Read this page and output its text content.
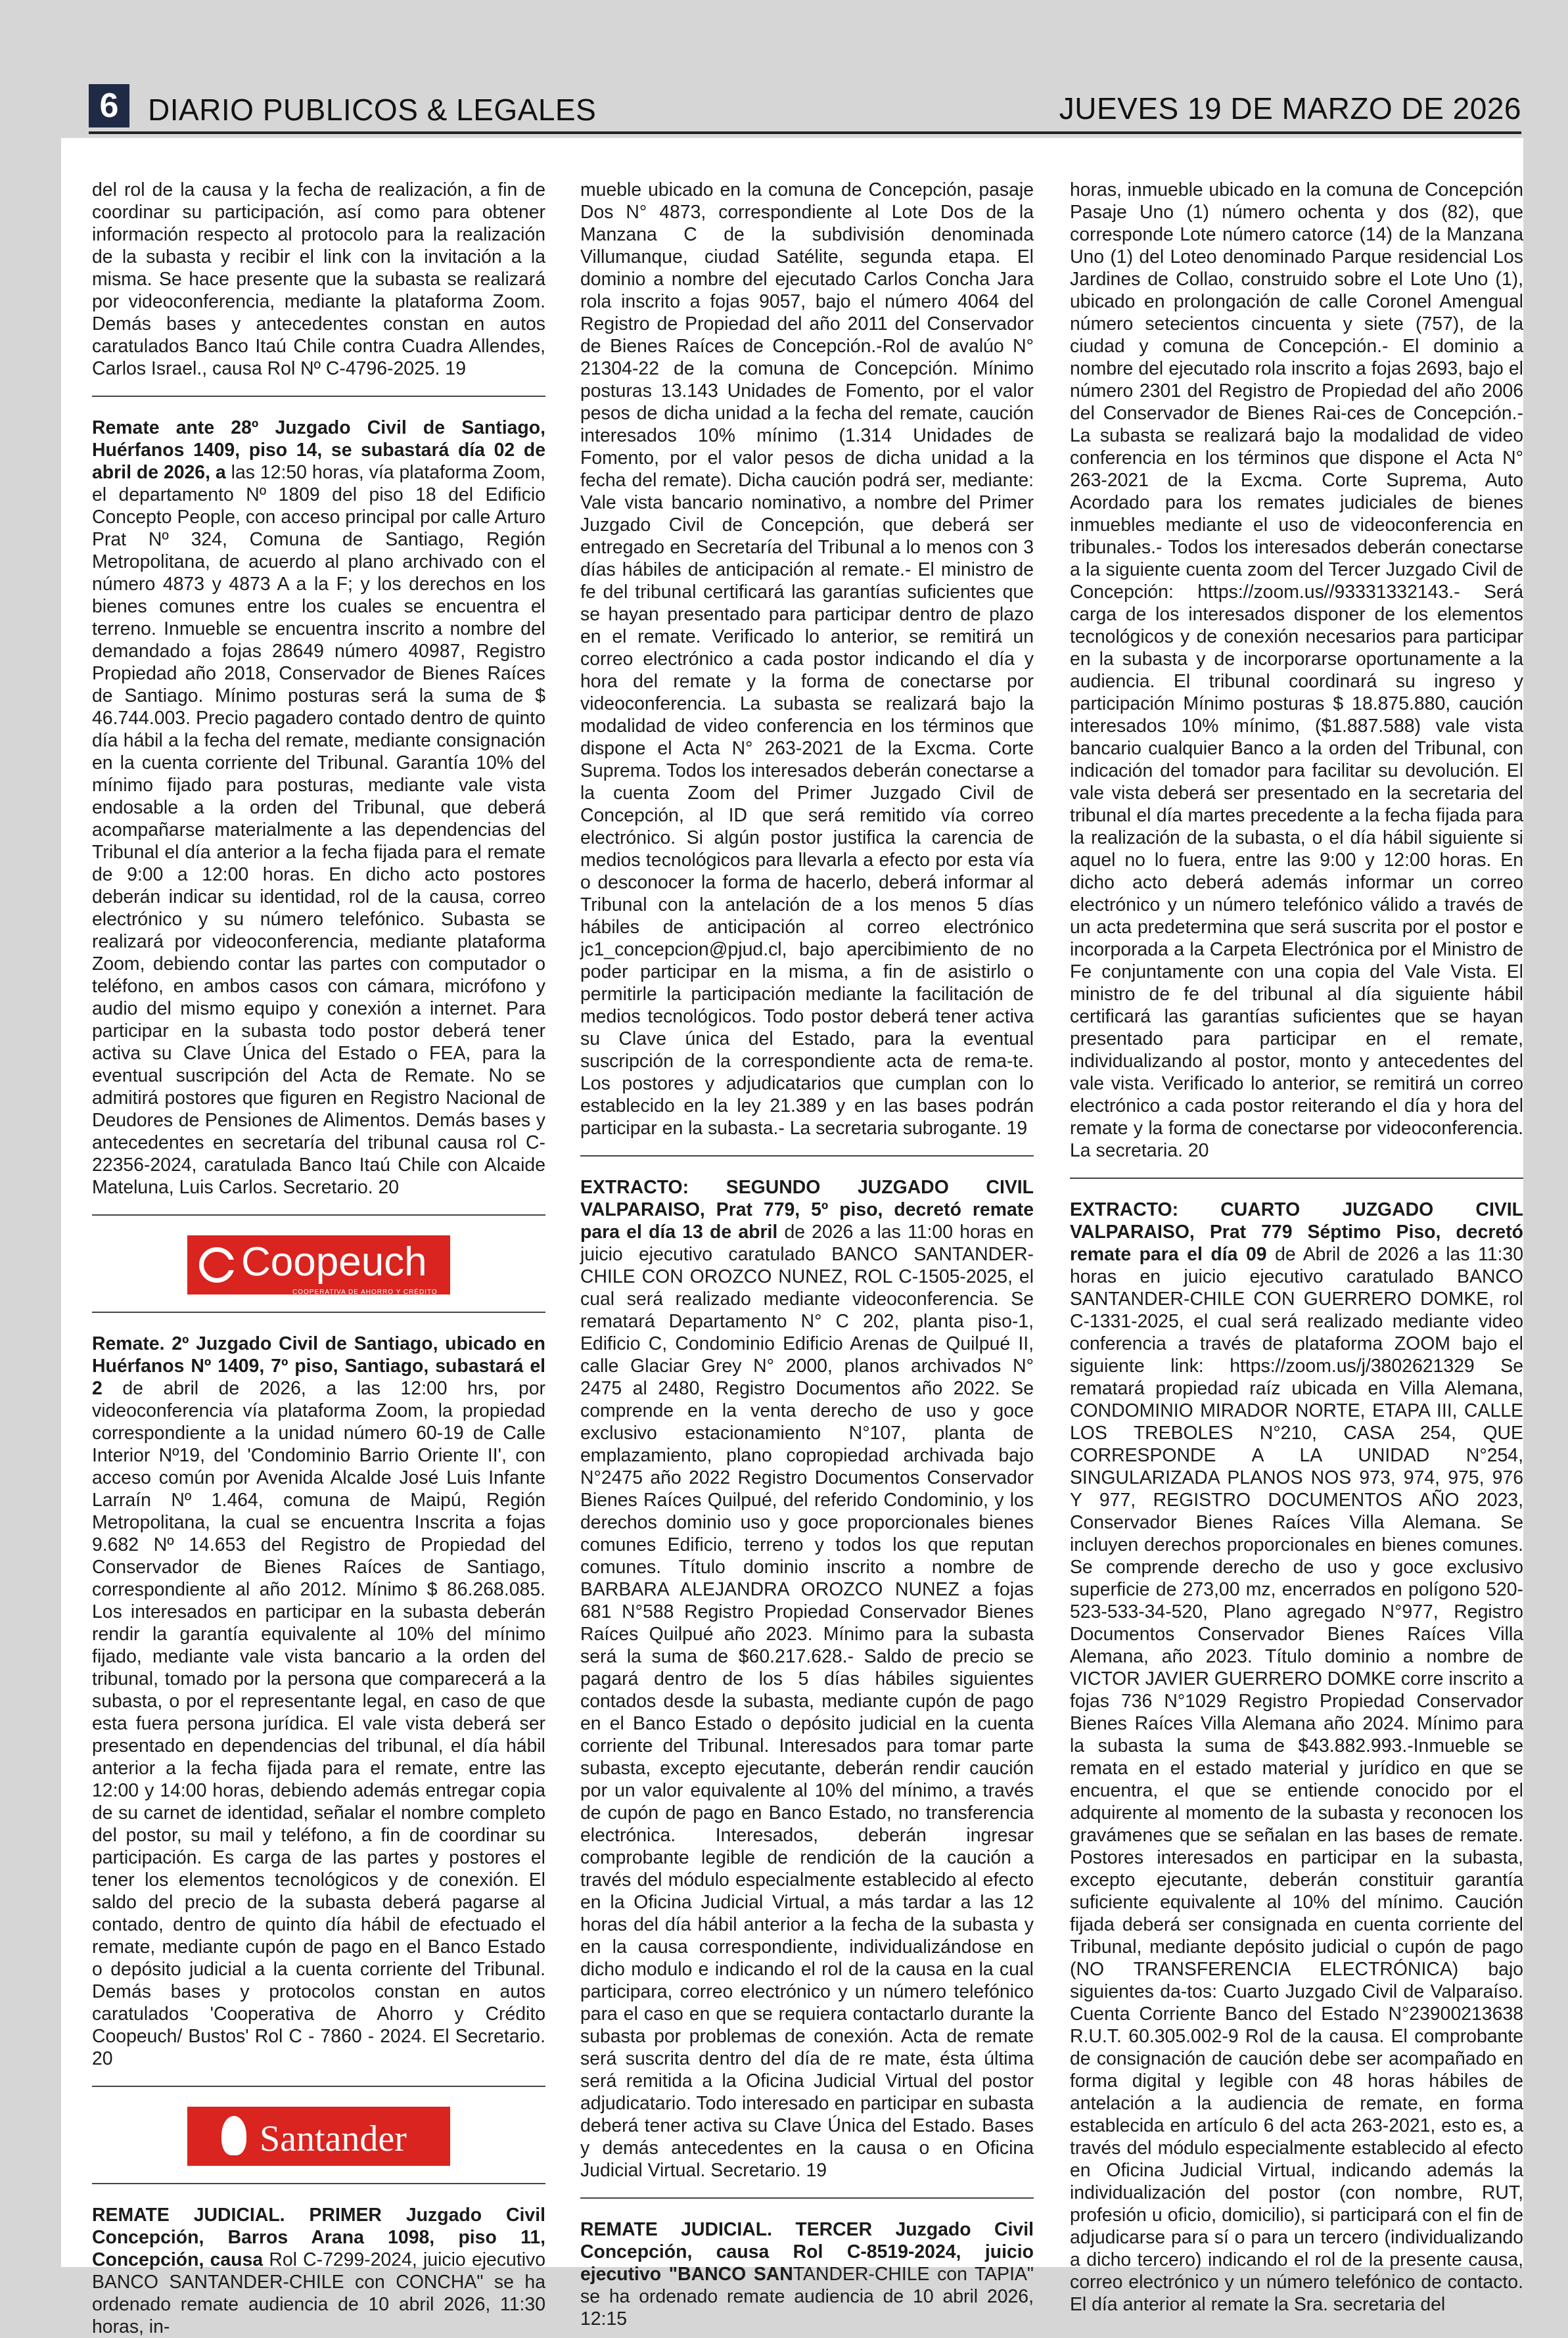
6 DIARIO PUBLICOS & LEGALES	JUEVES 19 DE MARZO DE 2026

del rol de la causa y la fecha de realización, a fin de coordinar su participación, así como para obtener información respecto al protocolo para la realización de la subasta y recibir el link con la invitación a la misma. Se hace presente que la subasta se realizará por videoconferencia, mediante la plataforma Zoom. Demás bases y antecedentes constan en autos caratulados Banco Itaú Chile contra Cuadra Allendes, Carlos Israel., causa Rol Nº C-4796-2025. 19

Remate ante 28º Juzgado Civil de Santiago, Huérfanos 1409, piso 14, se subastará día 02 de abril de 2026, a las 12:50 horas, vía plataforma Zoom, el departamento Nº 1809 del piso 18 del Edificio Concepto People, con acceso principal por calle Arturo Prat Nº 324, Comuna de Santiago, Región Metropolitana, de acuerdo al plano archivado con el número 4873 y 4873 A a la F; y los derechos en los bienes comunes entre los cuales se encuentra el terreno. Inmueble se encuentra inscrito a nombre del demandado a fojas 28649 número 40987, Registro Propiedad año 2018, Conservador de Bienes Raíces de Santiago. Mínimo posturas será la suma de $ 46.744.003. Precio pagadero contado dentro de quinto día hábil a la fecha del remate, mediante consignación en la cuenta corriente del Tribunal. Garantía 10% del mínimo fijado para posturas, mediante vale vista endosable a la orden del Tribunal, que deberá acompañarse materialmente a las dependencias del Tribunal el día anterior a la fecha fijada para el remate de 9:00 a 12:00 horas. En dicho acto postores deberán indicar su identidad, rol de la causa, correo electrónico y su número telefónico. Subasta se realizará por videoconferencia, mediante plataforma Zoom, debiendo contar las partes con computador o teléfono, en ambos casos con cámara, micrófono y audio del mismo equipo y conexión a internet. Para participar en la subasta todo postor deberá tener activa su Clave Única del Estado o FEA, para la eventual suscripción del Acta de Remate. No se admitirá postores que figuren en Registro Nacional de Deudores de Pensiones de Alimentos. Demás bases y antecedentes en secretaría del tribunal causa rol C-22356-2024, caratulada Banco Itaú Chile con Alcaide Mateluna, Luis Carlos. Secretario. 20

Coopeuch
COOPERATIVA DE AHORRO Y CRÉDITO

Remate. 2º Juzgado Civil de Santiago, ubicado en Huérfanos Nº 1409, 7º piso, Santiago, subastará el 2 de abril de 2026, a las 12:00 hrs, por videoconferencia vía plataforma Zoom, la propiedad correspondiente a la unidad número 60-19 de Calle Interior Nº19, del 'Condominio Barrio Oriente II', con acceso común por Avenida Alcalde José Luis Infante Larraín Nº 1.464, comuna de Maipú, Región Metropolitana, la cual se encuentra Inscrita a fojas 9.682 Nº 14.653 del Registro de Propiedad del Conservador de Bienes Raíces de Santiago, correspondiente al año 2012. Mínimo $ 86.268.085. Los interesados en participar en la subasta deberán rendir la garantía equivalente al 10% del mínimo fijado, mediante vale vista bancario a la orden del tribunal, tomado por la persona que comparecerá a la subasta, o por el representante legal, en caso de que esta fuera persona jurídica. El vale vista deberá ser presentado en dependencias del tribunal, el día hábil anterior a la fecha fijada para el remate, entre las 12:00 y 14:00 horas, debiendo además entregar copia de su carnet de identidad, señalar el nombre completo del postor, su mail y teléfono, a fin de coordinar su participación. Es carga de las partes y postores el tener los elementos tecnológicos y de conexión. El saldo del precio de la subasta deberá pagarse al contado, dentro de quinto día hábil de efectuado el remate, mediante cupón de pago en el Banco Estado o depósito judicial a la cuenta corriente del Tribunal. Demás bases y protocolos constan en autos caratulados 'Cooperativa de Ahorro y Crédito Coopeuch/ Bustos' Rol C - 7860 - 2024. El Secretario. 20

Santander

REMATE JUDICIAL. PRIMER Juzgado Civil Concepción, Barros Arana 1098, piso 11, Concepción, causa Rol C-7299-2024, juicio ejecutivo BANCO SANTANDER-CHILE con CONCHA" se ha ordenado remate audiencia de 10 abril 2026, 11:30 horas, in-

mueble ubicado en la comuna de Concepción, pasaje Dos N° 4873, correspondiente al Lote Dos de la Manzana C de la subdivisión denominada Villumanque, ciudad Satélite, segunda etapa. El dominio a nombre del ejecutado Carlos Concha Jara rola inscrito a fojas 9057, bajo el número 4064 del Registro de Propiedad del año 2011 del Conservador de Bienes Raíces de Concepción.-Rol de avalúo N° 21304-22 de la comuna de Concepción. Mínimo posturas 13.143 Unidades de Fomento, por el valor pesos de dicha unidad a la fecha del remate, caución interesados 10% mínimo (1.314 Unidades de Fomento, por el valor pesos de dicha unidad a la fecha del remate). Dicha caución podrá ser, mediante: Vale vista bancario nominativo, a nombre del Primer Juzgado Civil de Concepción, que deberá ser entregado en Secretaría del Tribunal a lo menos con 3 días hábiles de anticipación al remate.- El ministro de fe del tribunal certificará las garantías suficientes que se hayan presentado para participar dentro de plazo en el remate. Verificado lo anterior, se remitirá un correo electrónico a cada postor indicando el día y hora del remate y la forma de conectarse por videoconferencia. La subasta se realizará bajo la modalidad de video conferencia en los términos que dispone el Acta N° 263-2021 de la Excma. Corte Suprema. Todos los interesados deberán conectarse a la cuenta Zoom del Primer Juzgado Civil de Concepción, al ID que será remitido vía correo electrónico. Si algún postor justifica la carencia de medios tecnológicos para llevarla a efecto por esta vía o desconocer la forma de hacerlo, deberá informar al Tribunal con la antelación de a los menos 5 días hábiles de anticipación al correo electrónico jc1_concepcion@pjud.cl, bajo apercibimiento de no poder participar en la misma, a fin de asistirlo o permitirle la participación mediante la facilitación de medios tecnológicos. Todo postor deberá tener activa su Clave única del Estado, para la eventual suscripción de la correspondiente acta de rema-te. Los postores y adjudicatarios que cumplan con lo establecido en la ley 21.389 y en las bases podrán participar en la subasta.- La secretaria subrogante. 19

EXTRACTO: SEGUNDO JUZGADO CIVIL VALPARAISO, Prat 779, 5º piso, decretó remate para el día 13 de abril de 2026 a las 11:00 horas en juicio ejecutivo caratulado BANCO SANTANDER-CHILE CON OROZCO NUNEZ, ROL C-1505-2025, el cual será realizado mediante videoconferencia. Se rematará Departamento N° C 202, planta piso-1, Edificio C, Condominio Edificio Arenas de Quilpué II, calle Glaciar Grey N° 2000, planos archivados N° 2475 al 2480, Registro Documentos año 2022. Se comprende en la venta derecho de uso y goce exclusivo estacionamiento N°107, planta de emplazamiento, plano copropiedad archivada bajo N°2475 año 2022 Registro Documentos Conservador Bienes Raíces Quilpué, del referido Condominio, y los derechos dominio uso y goce proporcionales bienes comunes Edificio, terreno y todos los que reputan comunes. Título dominio inscrito a nombre de BARBARA ALEJANDRA OROZCO NUNEZ a fojas 681 N°588 Registro Propiedad Conservador Bienes Raíces Quilpué año 2023. Mínimo para la subasta será la suma de $60.217.628.- Saldo de precio se pagará dentro de los 5 días hábiles siguientes contados desde la subasta, mediante cupón de pago en el Banco Estado o depósito judicial en la cuenta corriente del Tribunal. Interesados para tomar parte subasta, excepto ejecutante, deberán rendir caución por un valor equivalente al 10% del mínimo, a través de cupón de pago en Banco Estado, no transferencia electrónica. Interesados, deberán ingresar comprobante legible de rendición de la caución a través del módulo especialmente establecido al efecto en la Oficina Judicial Virtual, a más tardar a las 12 horas del día hábil anterior a la fecha de la subasta y en la causa correspondiente, individualizándose en dicho modulo e indicando el rol de la causa en la cual participara, correo electrónico y un número telefónico para el caso en que se requiera contactarlo durante la subasta por problemas de conexión. Acta de remate será suscrita dentro del día de re mate, ésta última será remitida a la Oficina Judicial Virtual del postor adjudicatario. Todo interesado en participar en subasta deberá tener activa su Clave Única del Estado. Bases y demás antecedentes en la causa o en Oficina Judicial Virtual. Secretario. 19

REMATE JUDICIAL. TERCER Juzgado Civil Concepción, causa Rol C-8519-2024, juicio ejecutivo "BANCO SANTANDER-CHILE con TAPIA" se ha ordenado remate audiencia de 10 abril 2026, 12:15

horas, inmueble ubicado en la comuna de Concepción Pasaje Uno (1) número ochenta y dos (82), que corresponde Lote número catorce (14) de la Manzana Uno (1) del Loteo denominado Parque residencial Los Jardines de Collao, construido sobre el Lote Uno (1), ubicado en prolongación de calle Coronel Amengual número setecientos cincuenta y siete (757), de la ciudad y comuna de Concepción.- El dominio a nombre del ejecutado rola inscrito a fojas 2693, bajo el número 2301 del Registro de Propiedad del año 2006 del Conservador de Bienes Rai-ces de Concepción.- La subasta se realizará bajo la modalidad de video conferencia en los términos que dispone el Acta N° 263-2021 de la Excma. Corte Suprema, Auto Acordado para los remates judiciales de bienes inmuebles mediante el uso de videoconferencia en tribunales.- Todos los interesados deberán conectarse a la siguiente cuenta zoom del Tercer Juzgado Civil de Concepción: https://zoom.us//93331332143.- Será carga de los interesados disponer de los elementos tecnológicos y de conexión necesarios para participar en la subasta y de incorporarse oportunamente a la audiencia. El tribunal coordinará su ingreso y participación Mínimo posturas $ 18.875.880, caución interesados 10% mínimo, ($1.887.588) vale vista bancario cualquier Banco a la orden del Tribunal, con indicación del tomador para facilitar su devolución. El vale vista deberá ser presentado en la secretaria del tribunal el día martes precedente a la fecha fijada para la realización de la subasta, o el día hábil siguiente si aquel no lo fuera, entre las 9:00 y 12:00 horas. En dicho acto deberá además informar un correo electrónico y un número telefónico válido a través de un acta predetermina que será suscrita por el postor e incorporada a la Carpeta Electrónica por el Ministro de Fe conjuntamente con una copia del Vale Vista. El ministro de fe del tribunal al día siguiente hábil certificará las garantías suficientes que se hayan presentado para participar en el remate, individualizando al postor, monto y antecedentes del vale vista. Verificado lo anterior, se remitirá un correo electrónico a cada postor reiterando el día y hora del remate y la forma de conectarse por videoconferencia. La secretaria. 20

EXTRACTO: CUARTO JUZGADO CIVIL VALPARAISO, Prat 779 Séptimo Piso, decretó remate para el día 09 de Abril de 2026 a las 11:30 horas en juicio ejecutivo caratulado BANCO SANTANDER-CHILE CON GUERRERO DOMKE, rol C-1331-2025, el cual será realizado mediante video conferencia a través de plataforma ZOOM bajo el siguiente link: https://zoom.us/j/3802621329 Se rematará propiedad raíz ubicada en Villa Alemana, CONDOMINIO MIRADOR NORTE, ETAPA III, CALLE LOS TREBOLES N°210, CASA 254, QUE CORRESPONDE A LA UNIDAD N°254, SINGULARIZADA PLANOS NOS 973, 974, 975, 976 Y 977, REGISTRO DOCUMENTOS AÑO 2023, Conservador Bienes Raíces Villa Alemana. Se incluyen derechos proporcionales en bienes comunes. Se comprende derecho de uso y goce exclusivo superficie de 273,00 mz, encerrados en polígono 520-523-533-34-520, Plano agregado N°977, Registro Documentos Conservador Bienes Raíces Villa Alemana, año 2023. Título dominio a nombre de VICTOR JAVIER GUERRERO DOMKE corre inscrito a fojas 736 N°1029 Registro Propiedad Conservador Bienes Raíces Villa Alemana año 2024. Mínimo para la subasta la suma de $43.882.993.-Inmueble se remata en el estado material y jurídico en que se encuentra, el que se entiende conocido por el adquirente al momento de la subasta y reconocen los gravámenes que se señalan en las bases de remate. Postores interesados en participar en la subasta, excepto ejecutante, deberán constituir garantía suficiente equivalente al 10% del mínimo. Caución fijada deberá ser consignada en cuenta corriente del Tribunal, mediante depósito judicial o cupón de pago (NO TRANSFERENCIA ELECTRÓNICA) bajo siguientes da-tos: Cuarto Juzgado Civil de Valparaíso. Cuenta Corriente Banco del Estado N°23900213638 R.U.T. 60.305.002-9 Rol de la causa. El comprobante de consignación de caución debe ser acompañado en forma digital y legible con 48 horas hábiles de antelación a la audiencia de remate, en forma establecida en artículo 6 del acta 263-2021, esto es, a través del módulo especialmente establecido al efecto en Oficina Judicial Virtual, indicando además la individualización del postor (con nombre, RUT, profesión u oficio, domicilio), si participará con el fin de adjudicarse para sí o para un tercero (individualizando a dicho tercero) indicando el rol de la presente causa, correo electrónico y un número telefónico de contacto. El día anterior al remate la Sra. secretaria del
